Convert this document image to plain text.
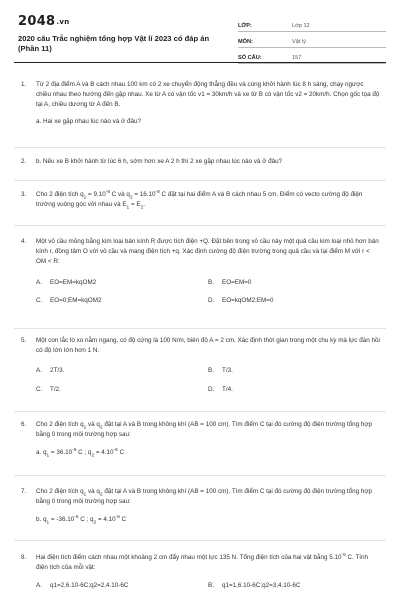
2048.vn
2020 câu Trắc nghiệm tổng hợp Vật lí 2023 có đáp án (Phần 11)
LỚP:	Lớp 12
MÔN:	Vật lý
SỐ CÂU:	157
1. Từ 2 địa điểm A và B cách nhau 100 km có 2 xe chuyển động thẳng đều và cùng khởi hành lúc 8 h sáng, chạy ngược chiều nhau theo hướng đến gặp nhau. Xe từ A có vận tốc v1 = 30km/h và xe từ B có vận tốc v2 = 20km/h. Chọn gốc tọa độ tại A, chiều dương từ A đến B.
a. Hai xe gặp nhau lúc nào và ở đâu?
2. b. Nếu xe B khởi hành từ lúc 6 h, sớm hơn xe A 2 h thì 2 xe gặp nhau lúc nào và ở đâu?
3. Cho 2 điện tích $q_1 = 9.10^{-8}$ C và $q_2 = 16.10^{-8}$ C đặt tại hai điểm A và B cách nhau 5 cm. Điểm có vecto cường độ điện trường vuông góc với nhau và $E_1 = E_2$.
4. Một vỏ cầu mỏng bằng kim loại bán kính R được tích điện +Q. Đặt bên trong vỏ cầu này một quả cầu kim loại nhỏ hơn bán kính r, đồng tâm O với vỏ cầu và mang điện tích +q. Xác định cường độ điện trường trong quả cầu và tại điểm M với r < OM < R:
A.	EO=EM=kqOM2	B.	EO=EM=0
C.	EO=0;EM=kqOM2	D.	EO=kqOM2;EM=0
5. Một con lắc lò xo nằm ngang, có độ cứng là 100 N/m, biên độ A = 2 cm. Xác định thời gian trong một chu kỳ mà lực đàn hồi có độ lớn lớn hơn 1 N.
A.	2T/3.	B.	T/3.
C.	T/2.	D.	T/4.
6. Cho 2 điện tích $q_1$ và $q_2$ đặt tại A và B trong không khí (AB = 100 cm). Tìm điểm C tại đó cường độ điện trường tổng hợp bằng 0 trong môi trường hợp sau:
a. $q_1 = 36.10^{-6}$ C ; $q_2 = 4.10^{-6}$ C
7. Cho 2 điện tích $q_1$ và $q_2$ đặt tại A và B trong không khí (AB = 100 cm). Tìm điểm C tại đó cường độ điện trường tổng hợp bằng 0 trong môi trường hợp sau:
b. $q_1 = -36.10^{-6}$ C ; $q_2 = 4.10^{-6}$ C
8. Hai điện tích điểm cách nhau một khoảng 2 cm đẩy nhau một lực 135 N. Tổng điện tích của hai vật bằng $5.10^{-5}$ C. Tính điện tích của mỗi vật:
A.	q1=2,6.10-6C;q2=2,4.10-6C	B.	q1=1,6.10-6C;q2=3,4.10-6C
